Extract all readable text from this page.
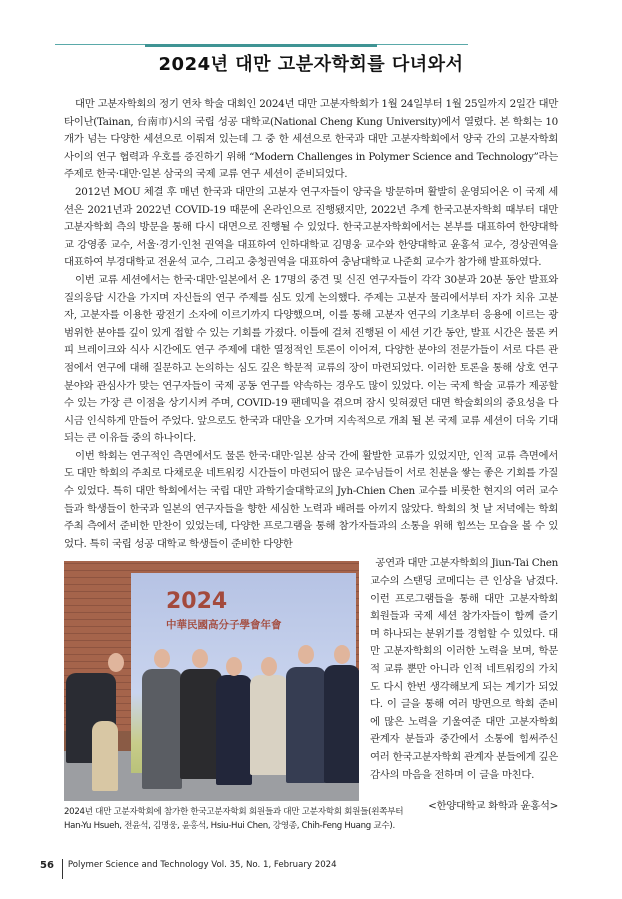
2024년 대만 고분자학회를 다녀와서

대만 고분자학회의 정기 연차 학술 대회인 2024년 대만 고분자학회가 1월 24일부터 1월 25일까지 2일간 대만 타이난(Tainan, 台南市)시의 국립 성공 대학교(National Cheng Kung University)에서 열렸다. 본 학회는 10개가 넘는 다양한 세션으로 이뤄져 있는데 그 중 한 세션으로 한국과 대만 고분자학회에서 양국 간의 고분자학회 사이의 연구 협력과 우호를 증진하기 위해 “Modern Challenges in Polymer Science and Technology”라는 주제로 한국·대만·일본 삼국의 국제 교류 연구 세션이 준비되었다.

2012년 MOU 체결 후 매년 한국과 대만의 고분자 연구자들이 양국을 방문하며 활발히 운영되어온 이 국제 세션은 2021년과 2022년 COVID-19 때문에 온라인으로 진행됐지만, 2022년 추계 한국고분자학회 때부터 대만 고분자학회 측의 방문을 통해 다시 대면으로 진행될 수 있었다. 한국고분자학회에서는 본부를 대표하여 한양대학교 강영종 교수, 서울·경기·인천 권역을 대표하여 인하대학교 김명웅 교수와 한양대학교 윤홍석 교수, 경상권역을 대표하여 부경대학교 전윤석 교수, 그리고 충청권역을 대표하여 충남대학교 나준희 교수가 참가해 발표하였다.

이번 교류 세션에서는 한국·대만·일본에서 온 17명의 중견 및 신진 연구자들이 각각 30분과 20분 동안 발표와 질의응답 시간을 가지며 자신들의 연구 주제를 심도 있게 논의했다. 주제는 고분자 물리에서부터 자가 치유 고분자, 고분자를 이용한 광전기 소자에 이르기까지 다양했으며, 이를 통해 고분자 연구의 기초부터 응용에 이르는 광범위한 분야를 깊이 있게 접할 수 있는 기회를 가졌다. 이틀에 걸쳐 진행된 이 세션 기간 동안, 발표 시간은 물론 커피 브레이크와 식사 시간에도 연구 주제에 대한 열정적인 토론이 이어져, 다양한 분야의 전문가들이 서로 다른 관점에서 연구에 대해 질문하고 논의하는 심도 깊은 학문적 교류의 장이 마련되었다. 이러한 토론을 통해 상호 연구 분야와 관심사가 맞는 연구자들이 국제 공동 연구를 약속하는 경우도 많이 있었다. 이는 국제 학술 교류가 제공할 수 있는 가장 큰 이점을 상기시켜 주며, COVID-19 팬데믹을 겪으며 잠시 잊혀졌던 대면 학술회의의 중요성을 다시금 인식하게 만들어 주었다. 앞으로도 한국과 대만을 오가며 지속적으로 개최 될 본 국제 교류 세션이 더욱 기대되는 큰 이유들 중의 하나이다.

이번 학회는 연구적인 측면에서도 물론 한국·대만·일본 삼국 간에 활발한 교류가 있었지만, 인적 교류 측면에서도 대만 학회의 주최로 다채로운 네트워킹 시간들이 마련되어 많은 교수님들이 서로 친분을 쌓는 좋은 기회를 가질 수 있었다. 특히 대만 학회에서는 국립 대만 과학기술대학교의 Jyh-Chien Chen 교수를 비롯한 현지의 여러 교수들과 학생들이 한국과 일본의 연구자들을 향한 세심한 노력과 배려를 아끼지 않았다. 학회의 첫 날 저녁에는 학회 주최 측에서 준비한 만찬이 있었는데, 다양한 프로그램을 통해 참가자들과의 소통을 위해 힘쓰는 모습을 볼 수 있었다. 특히 국립 성공 대학교 학생들이 준비한 다양한

2024
中華民國高分子學會年會
2024년 대만 고분자학회에 참가한 한국고분자학회 회원들과 대만 고분자학회 회원들(왼쪽부터
Han-Yu Hsueh, 전윤석, 김명웅, 윤홍석, Hsiu-Hui Chen, 강영종, Chih-Feng Huang 교수).
공연과 대만 고분자학회의 Jiun-Tai Chen

교수의 스탠딩 코메디는 큰 인상을 남겼다. 이런 프로그램들을 통해 대만 고분자학회 회원들과 국제 세션 참가자들이 함께 즐기며 하나되는 분위기를 경험할 수 있었다. 대만 고분자학회의 이러한 노력을 보며, 학문적 교류 뿐만 아니라 인적 네트워킹의 가치도 다시 한번 생각해보게 되는 계기가 되었다. 이 글을 통해 여러 방면으로 학회 준비에 많은 노력을 기울여준 대만 고분자학회 관계자 분들과 중간에서 소통에 힘써주신 여러 한국고분자학회 관계자 분들에게 깊은 감사의 마음을 전하며 이 글을 마친다.

<한양대학교 화학과 윤홍석>
56 Polymer Science and Technology Vol. 35, No. 1, February 2024
